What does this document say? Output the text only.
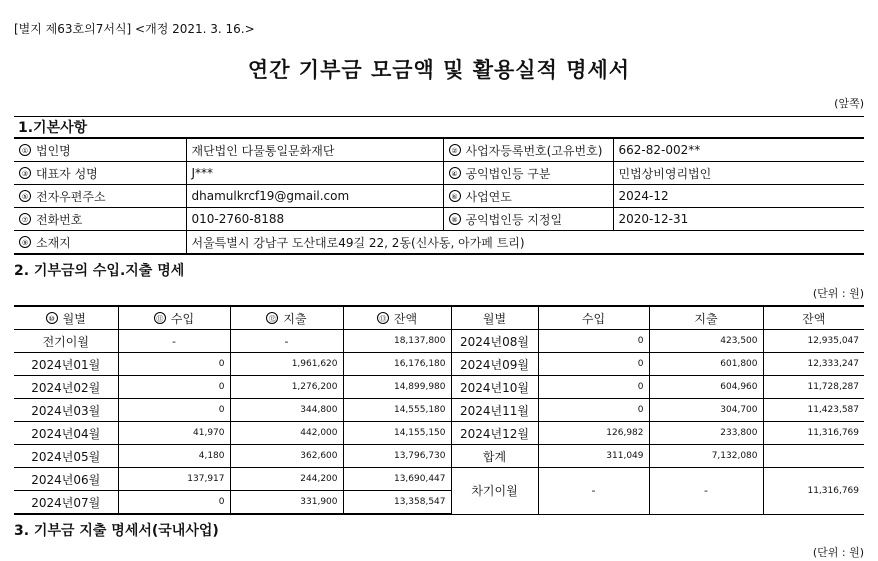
[별지 제63호의7서식] <개정 2021. 3. 16.>
연간 기부금 모금액 및 활용실적 명세서
(앞쪽)
1.기본사항
① 법인명	재단법인 다물통일문화재단	② 사업자등록번호(고유번호)	662-82-002**
③ 대표자 성명	J***	④ 공익법인등 구분	민법상비영리법인
⑤ 전자우편주소	dhamulkrcf19@gmail.com	⑥ 사업연도	2024-12
⑦ 전화번호	010-2760-8188	⑧ 공익법인등 지정일	2020-12-31
⑨ 소재지	서울특별시 강남구 도산대로49길 22, 2동(신사동, 아가페 트리)		
2. 기부금의 수입.지출 명세
(단위 : 원)
⑩ 월별	⑪ 수입	⑫ 지출	⑬ 잔액	월별	수입	지출	잔액
전기이월	-	-	18,137,800	2024년08월	0	423,500	12,935,047
2024년01월	0	1,961,620	16,176,180	2024년09월	0	601,800	12,333,247
2024년02월	0	1,276,200	14,899,980	2024년10월	0	604,960	11,728,287
2024년03월	0	344,800	14,555,180	2024년11월	0	304,700	11,423,587
2024년04월	41,970	442,000	14,155,150	2024년12월	126,982	233,800	11,316,769
2024년05월	4,180	362,600	13,796,730	합계	311,049	7,132,080	
2024년06월	137,917	244,200	13,690,447	차기이월	-	-	11,316,769
2024년07월	0	331,900	13,358,547				
3. 기부금 지출 명세서(국내사업)
(단위 : 원)
